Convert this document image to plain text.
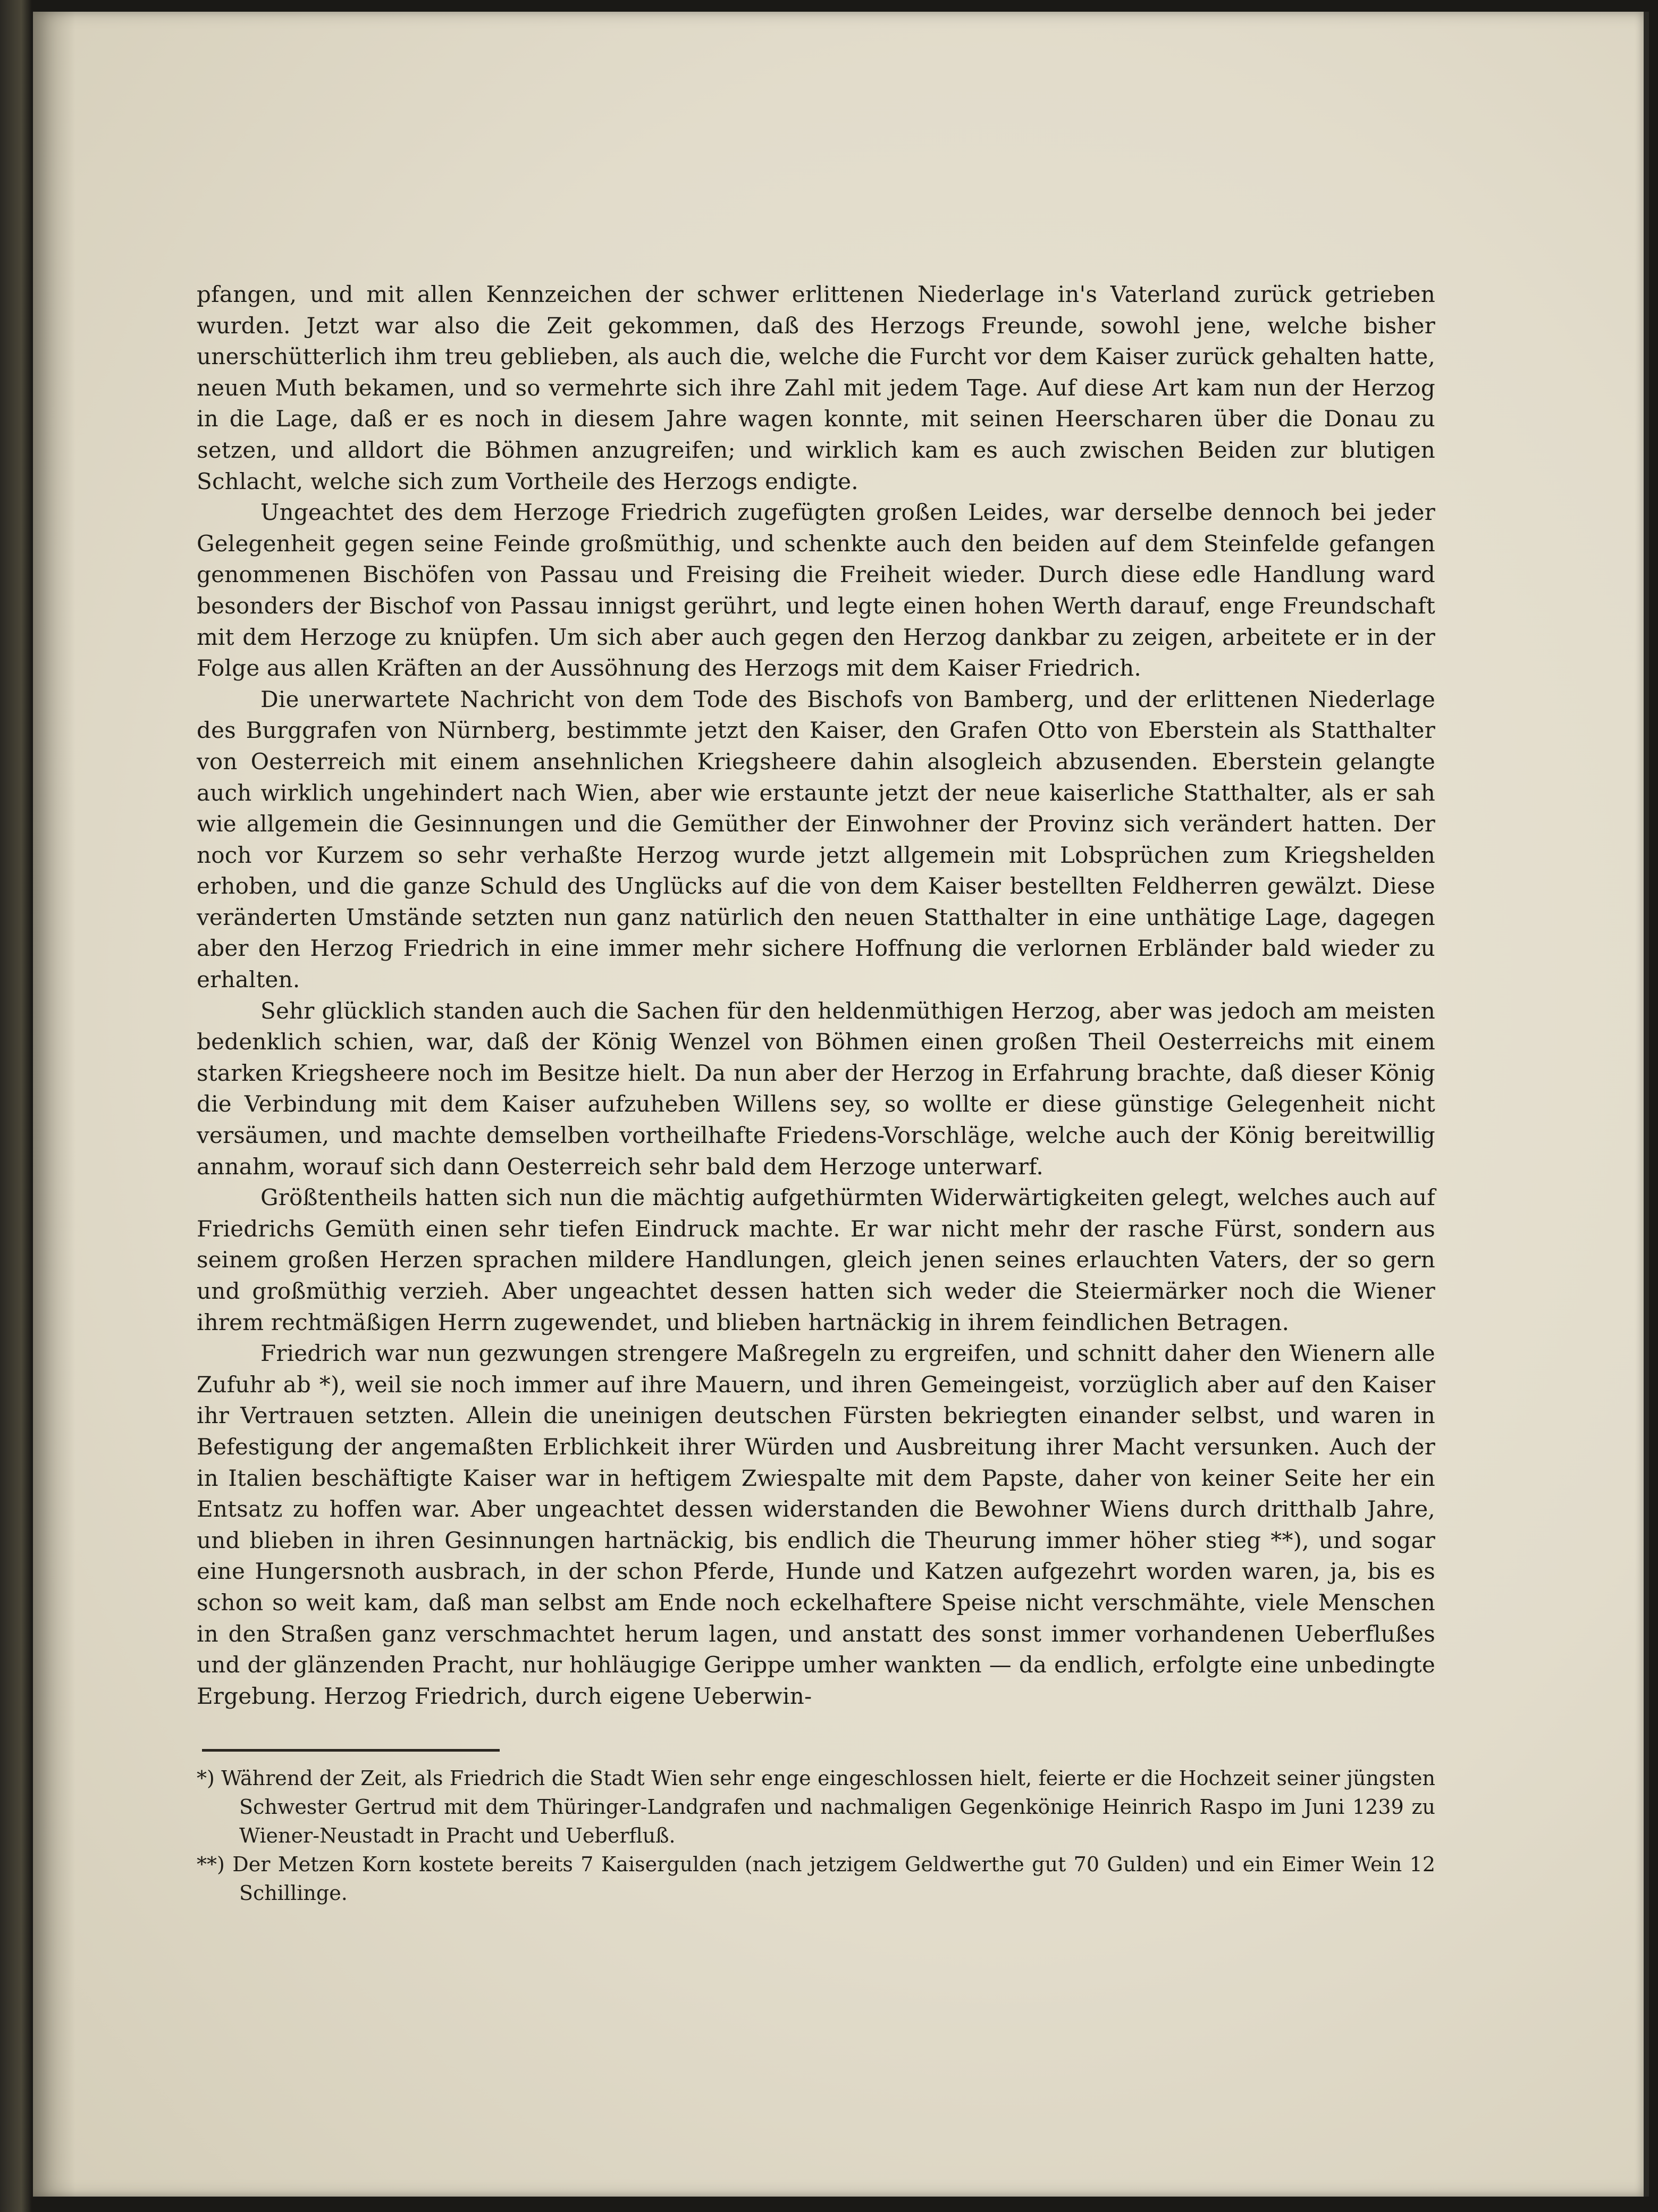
pfangen, und mit allen Kennzeichen der schwer erlittenen Niederlage in's Vaterland zurück getrieben wurden. Jetzt war also die Zeit gekommen, daß des Herzogs Freunde, sowohl jene, welche bisher unerschütterlich ihm treu geblieben, als auch die, welche die Furcht vor dem Kaiser zurück gehalten hatte, neuen Muth bekamen, und so vermehrte sich ihre Zahl mit jedem Tage. Auf diese Art kam nun der Herzog in die Lage, daß er es noch in diesem Jahre wagen konnte, mit seinen Heerscharen über die Donau zu setzen, und alldort die Böhmen anzugreifen; und wirklich kam es auch zwischen Beiden zur blutigen Schlacht, welche sich zum Vortheile des Herzogs endigte.

Ungeachtet des dem Herzoge Friedrich zugefügten großen Leides, war derselbe dennoch bei jeder Gelegenheit gegen seine Feinde großmüthig, und schenkte auch den beiden auf dem Steinfelde gefangen genommenen Bischöfen von Passau und Freising die Freiheit wieder. Durch diese edle Handlung ward besonders der Bischof von Passau innigst gerührt, und legte einen hohen Werth darauf, enge Freundschaft mit dem Herzoge zu knüpfen. Um sich aber auch gegen den Herzog dankbar zu zeigen, arbeitete er in der Folge aus allen Kräften an der Aussöhnung des Herzogs mit dem Kaiser Friedrich.

Die unerwartete Nachricht von dem Tode des Bischofs von Bamberg, und der erlittenen Niederlage des Burggrafen von Nürnberg, bestimmte jetzt den Kaiser, den Grafen Otto von Eberstein als Statthalter von Oesterreich mit einem ansehnlichen Kriegsheere dahin alsogleich abzusenden. Eberstein gelangte auch wirklich ungehindert nach Wien, aber wie erstaunte jetzt der neue kaiserliche Statthalter, als er sah wie allgemein die Gesinnungen und die Gemüther der Einwohner der Provinz sich verändert hatten. Der noch vor Kurzem so sehr verhaßte Herzog wurde jetzt allgemein mit Lobsprüchen zum Kriegshelden erhoben, und die ganze Schuld des Unglücks auf die von dem Kaiser bestellten Feldherren gewälzt. Diese veränderten Umstände setzten nun ganz natürlich den neuen Statthalter in eine unthätige Lage, dagegen aber den Herzog Friedrich in eine immer mehr sichere Hoffnung die verlornen Erbländer bald wieder zu erhalten.

Sehr glücklich standen auch die Sachen für den heldenmüthigen Herzog, aber was jedoch am meisten bedenklich schien, war, daß der König Wenzel von Böhmen einen großen Theil Oesterreichs mit einem starken Kriegsheere noch im Besitze hielt. Da nun aber der Herzog in Erfahrung brachte, daß dieser König die Verbindung mit dem Kaiser aufzuheben Willens sey, so wollte er diese günstige Gelegenheit nicht versäumen, und machte demselben vortheilhafte Friedens-Vorschläge, welche auch der König bereitwillig annahm, worauf sich dann Oesterreich sehr bald dem Herzoge unterwarf.

Größtentheils hatten sich nun die mächtig aufgethürmten Widerwärtigkeiten gelegt, welches auch auf Friedrichs Gemüth einen sehr tiefen Eindruck machte. Er war nicht mehr der rasche Fürst, sondern aus seinem großen Herzen sprachen mildere Handlungen, gleich jenen seines erlauchten Vaters, der so gern und großmüthig verzieh. Aber ungeachtet dessen hatten sich weder die Steiermärker noch die Wiener ihrem rechtmäßigen Herrn zugewendet, und blieben hartnäckig in ihrem feindlichen Betragen.

Friedrich war nun gezwungen strengere Maßregeln zu ergreifen, und schnitt daher den Wienern alle Zufuhr ab *), weil sie noch immer auf ihre Mauern, und ihren Gemeingeist, vorzüglich aber auf den Kaiser ihr Vertrauen setzten. Allein die uneinigen deutschen Fürsten bekriegten einander selbst, und waren in Befestigung der angemaßten Erblichkeit ihrer Würden und Ausbreitung ihrer Macht versunken. Auch der in Italien beschäftigte Kaiser war in heftigem Zwiespalte mit dem Papste, daher von keiner Seite her ein Entsatz zu hoffen war. Aber ungeachtet dessen widerstanden die Bewohner Wiens durch dritthalb Jahre, und blieben in ihren Gesinnungen hartnäckig, bis endlich die Theurung immer höher stieg **), und sogar eine Hungersnoth ausbrach, in der schon Pferde, Hunde und Katzen aufgezehrt worden waren, ja, bis es schon so weit kam, daß man selbst am Ende noch eckelhaftere Speise nicht verschmähte, viele Menschen in den Straßen ganz verschmachtet herum lagen, und anstatt des sonst immer vorhandenen Ueberflußes und der glänzenden Pracht, nur hohläugige Gerippe umher wankten — da endlich, erfolgte eine unbedingte Ergebung. Herzog Friedrich, durch eigene Ueberwin-

*) Während der Zeit, als Friedrich die Stadt Wien sehr enge eingeschlossen hielt, feierte er die Hochzeit seiner jüngsten Schwester Gertrud mit dem Thüringer-Landgrafen und nachmaligen Gegenkönige Heinrich Raspo im Juni 1239 zu Wiener-Neustadt in Pracht und Ueberfluß.

**) Der Metzen Korn kostete bereits 7 Kaisergulden (nach jetzigem Geldwerthe gut 70 Gulden) und ein Eimer Wein 12 Schillinge.
